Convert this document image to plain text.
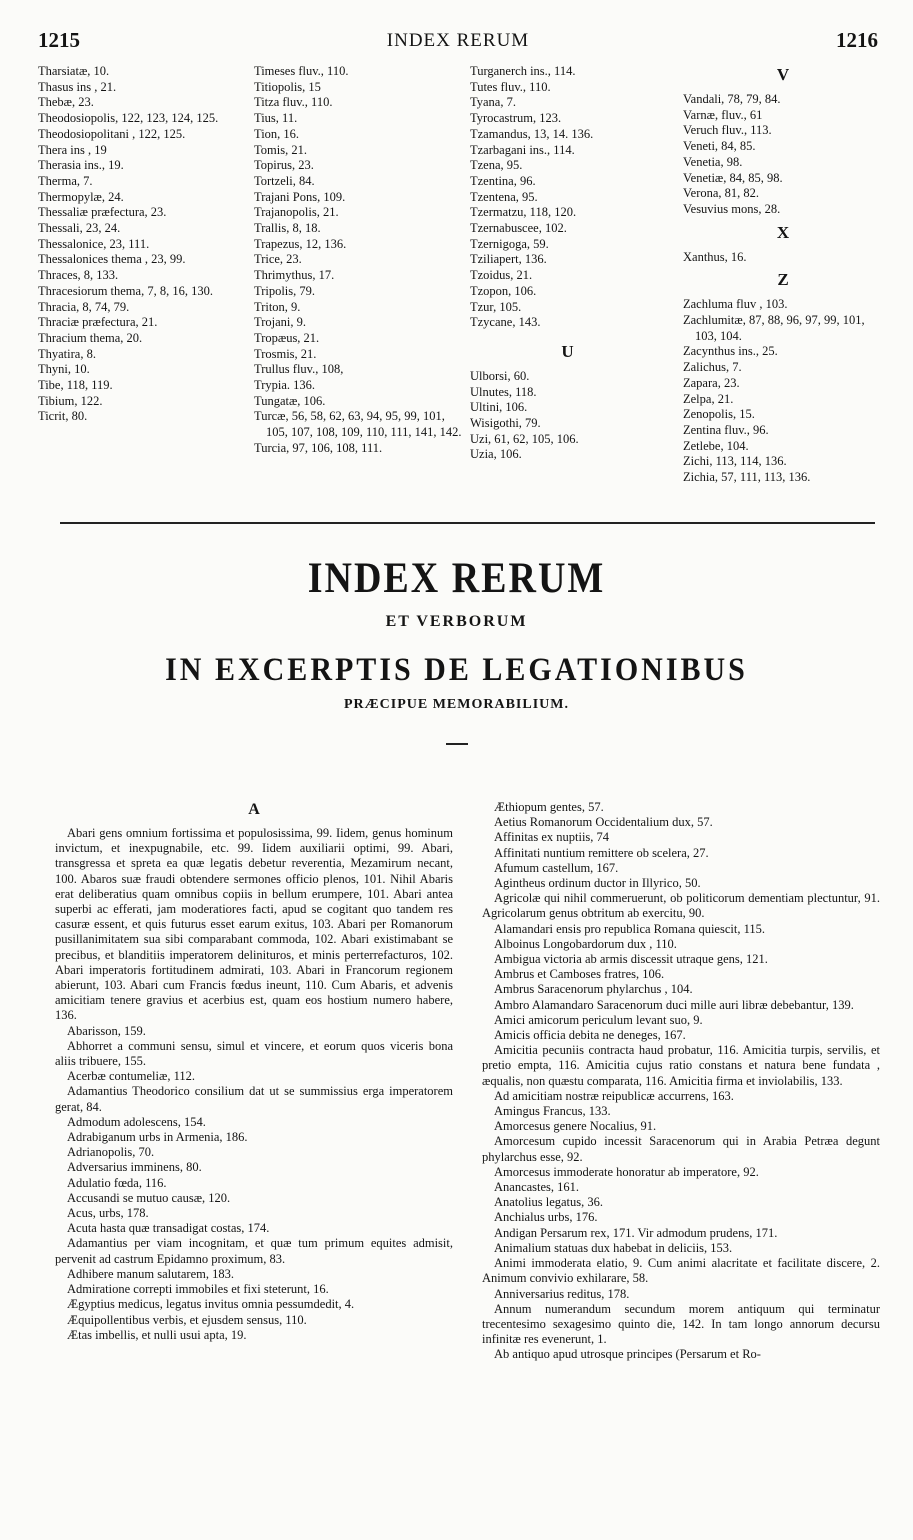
1215	INDEX RERUM	1216
Tharsiatæ, 10.
Thasus ins , 21.
Thebæ, 23.
Theodosiopolis, 122, 123, 124, 125.
Theodosiopolitani , 122, 125.
Thera ins , 19
Therasia ins., 19.
Therma, 7.
Thermopylæ, 24.
Thessaliæ præfectura, 23.
Thessali, 23, 24.
Thessalonice, 23, 111.
Thessalonices thema , 23, 99.
Thraces, 8, 133.
Thracesiorum thema, 7, 8, 16, 130.
Thracia, 8, 74, 79.
Thraciæ præfectura, 21.
Thracium thema, 20.
Thyatira, 8.
Thyni, 10.
Tibe, 118, 119.
Tibium, 122.
Ticrit, 80.
Timeses fluv., 110.
Titiopolis, 15
Titza fluv., 110.
Tius, 11.
Tion, 16.
Tomis, 21.
Topirus, 23.
Tortzeli, 84.
Trajani Pons, 109.
Trajanopolis, 21.
Trallis, 8, 18.
Trapezus, 12, 136.
Trice, 23.
Thrimythus, 17.
Tripolis, 79.
Triton, 9.
Trojani, 9.
Tropæus, 21.
Trosmis, 21.
Trullus fluv., 108,
Trypia. 136.
Tungatæ, 106.
Turcæ, 56, 58, 62, 63, 94, 95, 99, 101, 105, 107, 108, 109, 110, 111, 141, 142.
Turcia, 97, 106, 108, 111.
Turganerch ins., 114.
Tutes fluv., 110.
Tyana, 7.
Tyrocastrum, 123.
Tzamandus, 13, 14. 136.
Tzarbagani ins., 114.
Tzena, 95.
Tzentina, 96.
Tzentena, 95.
Tzermatzu, 118, 120.
Tzernabuscee, 102.
Tzernigoga, 59.
Tziliapert, 136.
Tzoidus, 21.
Tzopon, 106.
Tzur, 105.
Tzycane, 143.
U
Ulborsi, 60.
Ulnutes, 118.
Ultini, 106.
Wisigothi, 79.
Uzi, 61, 62, 105, 106.
Uzia, 106.
V
Vandali, 78, 79, 84.
Varnæ, fluv., 61
Veruch fluv., 113.
Veneti, 84, 85.
Venetia, 98.
Venetiæ, 84, 85, 98.
Verona, 81, 82.
Vesuvius mons, 28.
X
Xanthus, 16.
Z
Zachluma fluv , 103.
Zachlumitæ, 87, 88, 96, 97, 99, 101, 103, 104.
Zacynthus ins., 25.
Zalichus, 7.
Zapara, 23.
Zelpa, 21.
Zenopolis, 15.
Zentina fluv., 96.
Zetlebe, 104.
Zichi, 113, 114, 136.
Zichia, 57, 111, 113, 136.
INDEX RERUM
ET VERBORUM
IN EXCERPTIS DE LEGATIONIBUS
PRÆCIPUE MEMORABILIUM.
A
Abari gens omnium fortissima et populosissima, 99. Iidem, genus hominum invictum, et inexpugnabile, etc. 99. Iidem auxiliarii optimi, 99. Abari, transgressa et spreta ea quæ legatis debetur reverentia, Mezamirum necant, 100. Abaros suæ fraudi obtendere sermones officio plenos, 101. Nihil Abaris erat deliberatius quam omnibus copiis in bellum erumpere, 101. Abari antea superbi ac efferati, jam moderatiores facti, apud se cogitant quo tandem res casuræ essent, et quis futurus esset earum exitus, 103. Abari per Romanorum pusillanimitatem sua sibi comparabant commoda, 102. Abari existimabant se precibus, et blanditiis imperatorem delinituros, et minis perterrefacturos, 102. Abari imperatoris fortitudinem admirati, 103. Abari in Francorum regionem abierunt, 103. Abari cum Francis fœdus ineunt, 110. Cum Abaris, et advenis amicitiam tenere gravius et acerbius est, quam eos hostium numero habere, 136.
Abarisson, 159.
Abhorret a communi sensu, simul et vincere, et eorum quos viceris bona aliis tribuere, 155.
Acerbæ contumeliæ, 112.
Adamantius Theodorico consilium dat ut se summissius erga imperatorem gerat, 84.
Admodum adolescens, 154.
Adrabiganum urbs in Armenia, 186.
Adrianopolis, 70.
Adversarius imminens, 80.
Adulatio fœda, 116.
Accusandi se mutuo causæ, 120.
Acus, urbs, 178.
Acuta hasta quæ transadigat costas, 174.
Adamantius per viam incognitam, et quæ tum primum equites admisit, pervenit ad castrum Epidamno proximum, 83.
Adhibere manum salutarem, 183.
Admiratione correpti immobiles et fixi steterunt, 16.
Ægyptius medicus, legatus invitus omnia pessumdedit, 4.
Æquipollentibus verbis, et ejusdem sensus, 110.
Ætas imbellis, et nulli usui apta, 19.
Æthiopum gentes, 57.
Aetius Romanorum Occidentalium dux, 57.
Affinitas ex nuptiis, 74
Affinitati nuntium remittere ob scelera, 27.
Afumum castellum, 167.
Agintheus ordinum ductor in Illyrico, 50.
Agricolæ qui nihil commeruerunt, ob politicorum dementiam plectuntur, 91. Agricolarum genus obtritum ab exercitu, 90.
Alamandari ensis pro republica Romana quiescit, 115.
Alboinus Longobardorum dux , 110.
Ambigua victoria ab armis discessit utraque gens, 121.
Ambrus et Camboses fratres, 106.
Ambrus Saracenorum phylarchus , 104.
Ambro Alamandaro Saracenorum duci mille auri libræ debebantur, 139.
Amici amicorum periculum levant suo, 9.
Amicis officia debita ne deneges, 167.
Amicitia pecuniis contracta haud probatur, 116. Amicitia turpis, servilis, et pretio empta, 116. Amicitia cujus ratio constans et natura bene fundata , æqualis, non quæstu comparata, 116. Amicitia firma et inviolabilis, 133.
Ad amicitiam nostræ reipublicæ accurrens, 163.
Amingus Francus, 133.
Amorcesus genere Nocalius, 91.
Amorcesum cupido incessit Saracenorum qui in Arabia Petræa degunt phylarchus esse, 92.
Amorcesus immoderate honoratur ab imperatore, 92.
Anancastes, 161.
Anatolius legatus, 36.
Anchialus urbs, 176.
Andigan Persarum rex, 171. Vir admodum prudens, 171.
Animalium statuas dux habebat in deliciis, 153.
Animi immoderata elatio, 9. Cum animi alacritate et facilitate discere, 2. Animum convivio exhilarare, 58.
Anniversarius reditus, 178.
Annum numerandum secundum morem antiquum qui terminatur trecentesimo sexagesimo quinto die, 142. In tam longo annorum decursu infinitæ res evenerunt, 1.
Ab antiquo apud utrosque principes (Persarum et Ro-
